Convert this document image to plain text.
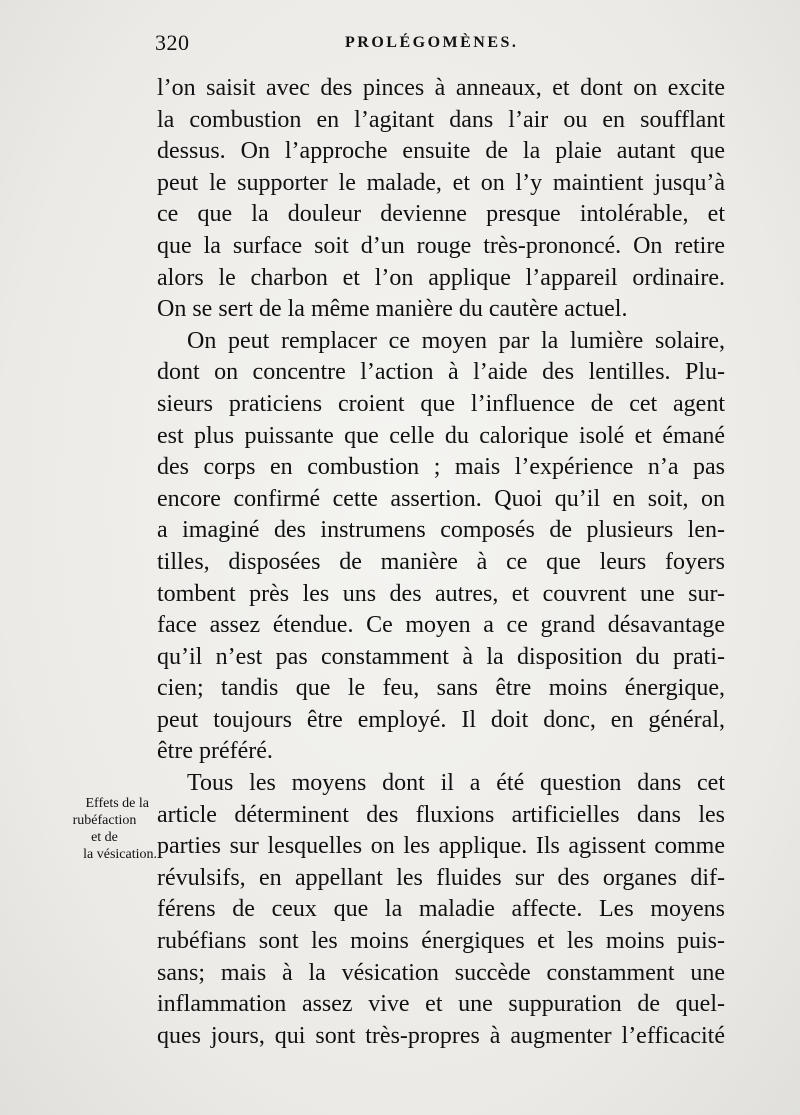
320	PROLÉGOMÈNES.
Effets de la
rubéfaction
et de
la vésication.
l’on saisit avec des pinces à anneaux, et dont on excite
la combustion en l’agitant dans l’air ou en soufflant
dessus. On l’approche ensuite de la plaie autant que
peut le supporter le malade, et on l’y maintient jusqu’à
ce que la douleur devienne presque intolérable, et
que la surface soit d’un rouge très-prononcé. On retire
alors le charbon et l’on applique l’appareil ordinaire.
On se sert de la même manière du cautère actuel.
On peut remplacer ce moyen par la lumière solaire,
dont on concentre l’action à l’aide des lentilles. Plu-
sieurs praticiens croient que l’influence de cet agent
est plus puissante que celle du calorique isolé et émané
des corps en combustion ; mais l’expérience n’a pas
encore confirmé cette assertion. Quoi qu’il en soit, on
a imaginé des instrumens composés de plusieurs len-
tilles, disposées de manière à ce que leurs foyers
tombent près les uns des autres, et couvrent une sur-
face assez étendue. Ce moyen a ce grand désavantage
qu’il n’est pas constamment à la disposition du prati-
cien; tandis que le feu, sans être moins énergique,
peut toujours être employé. Il doit donc, en général,
être préféré.
Tous les moyens dont il a été question dans cet
article déterminent des fluxions artificielles dans les
parties sur lesquelles on les applique. Ils agissent comme
révulsifs, en appellant les fluides sur des organes dif-
férens de ceux que la maladie affecte. Les moyens
rubéfians sont les moins énergiques et les moins puis-
sans; mais à la vésication succède constamment une
inflammation assez vive et une suppuration de quel-
ques jours, qui sont très-propres à augmenter l’efficacité
